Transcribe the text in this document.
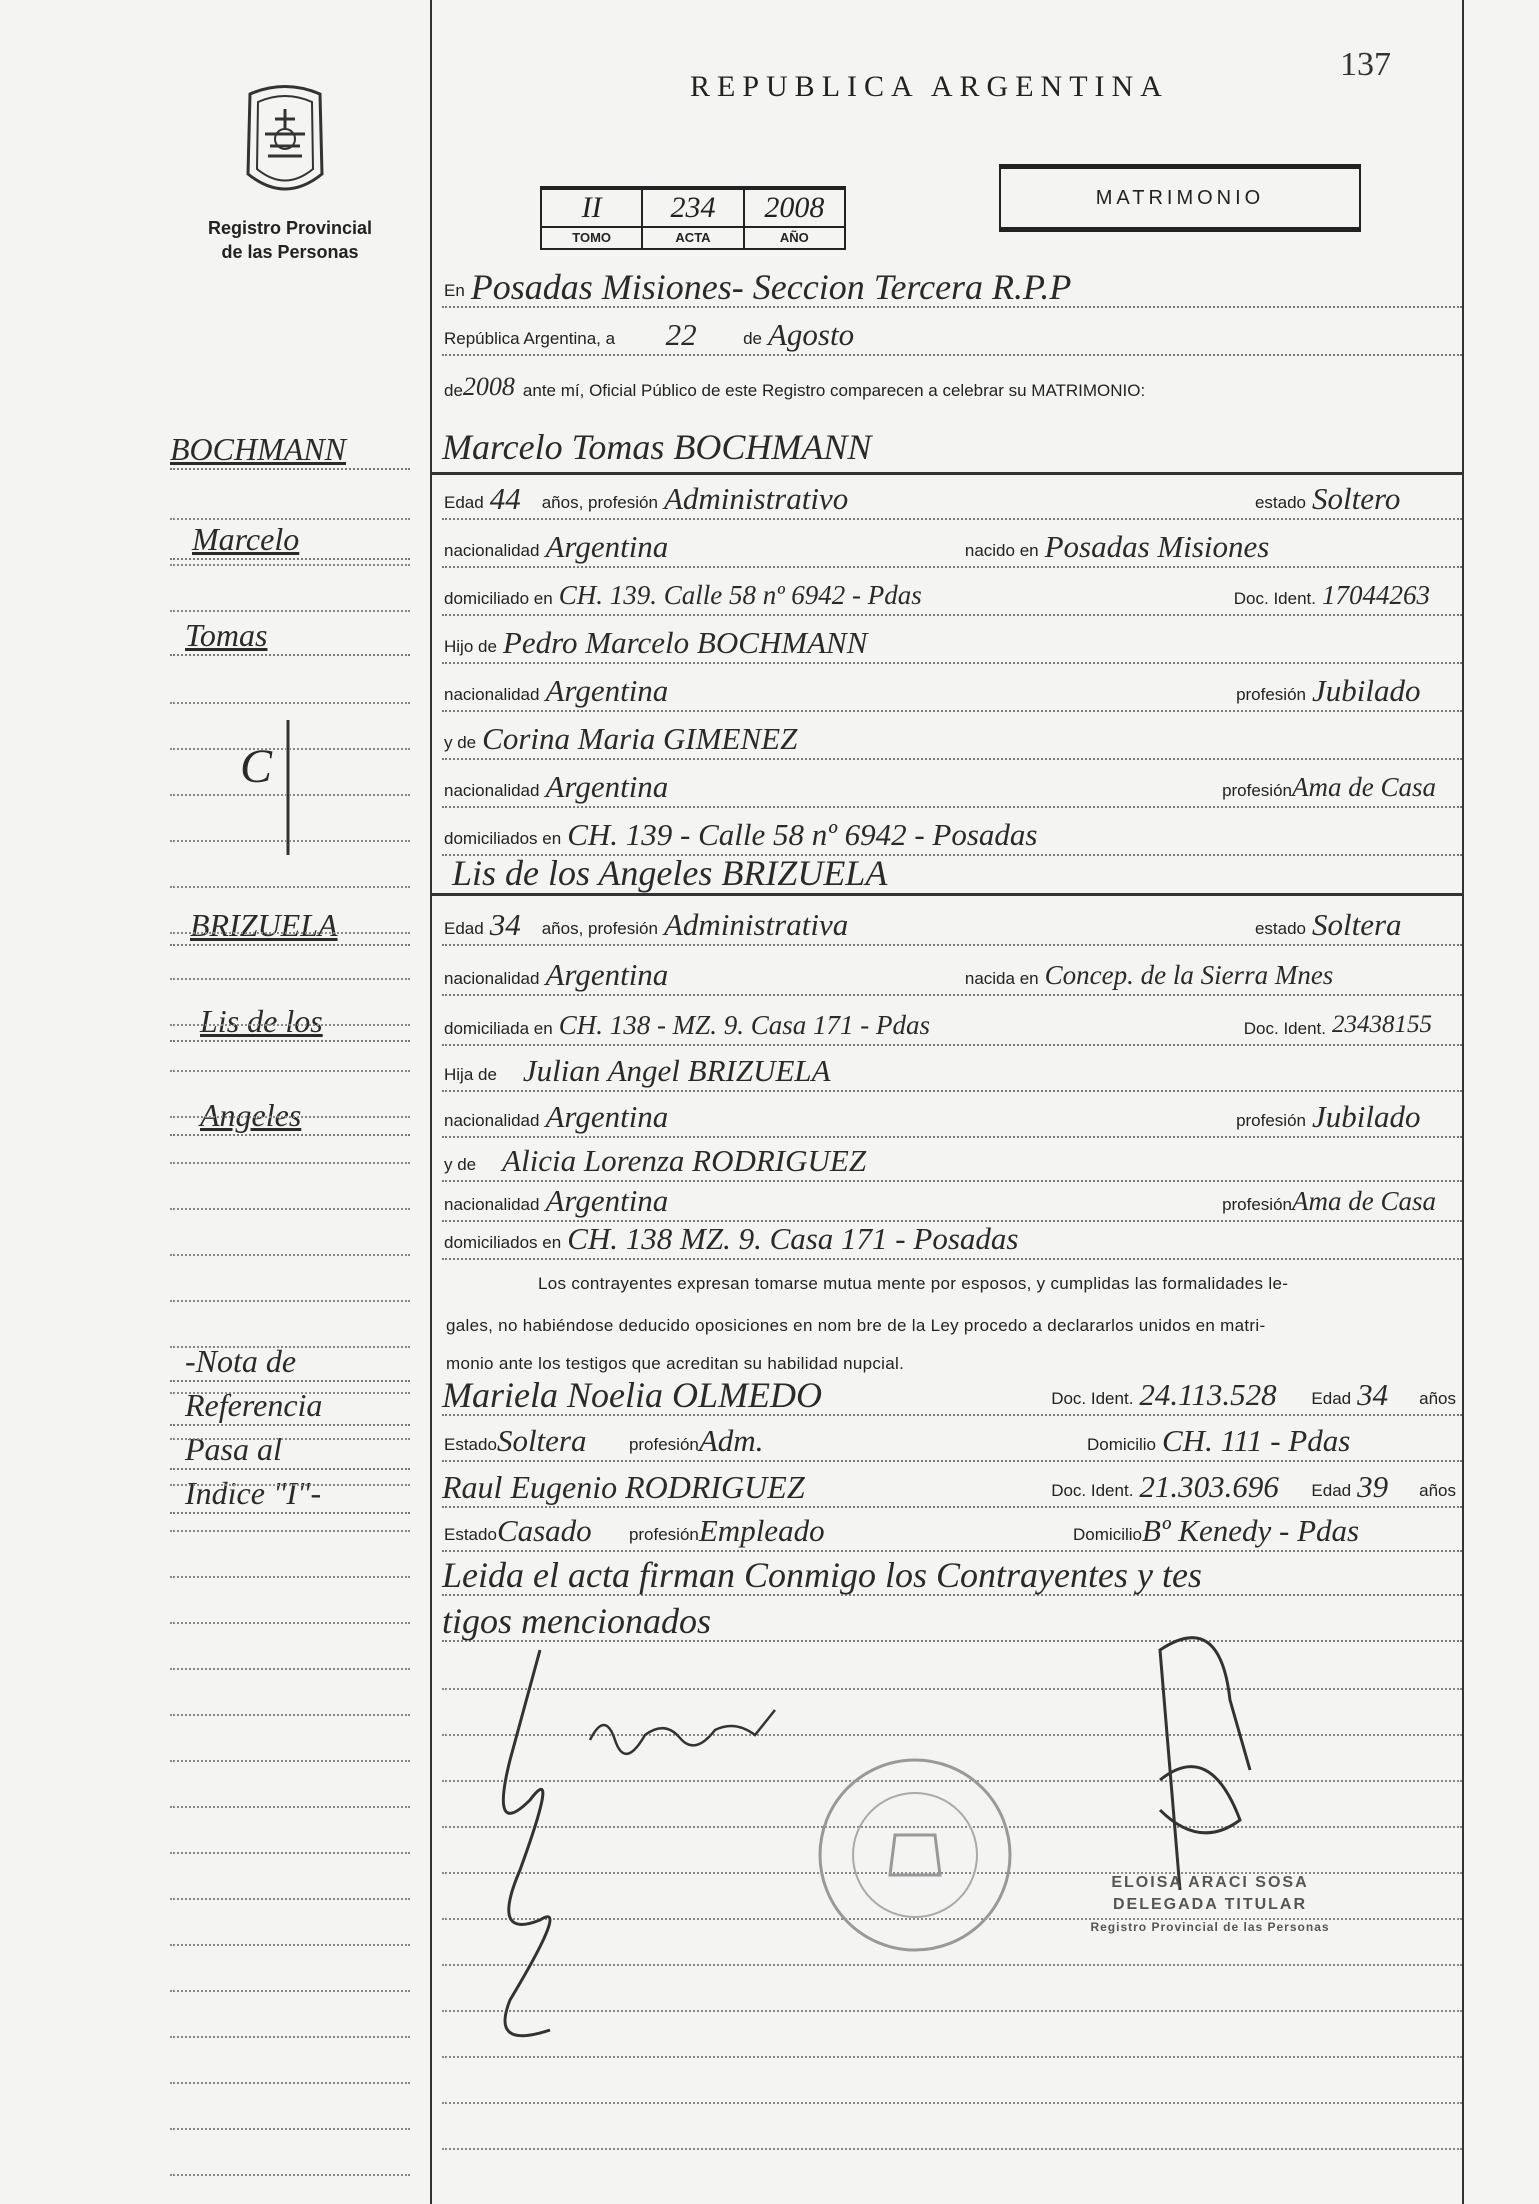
Registro Provincial
de las Personas
REPUBLICA ARGENTINA
137
II
TOMO
234
ACTA
2008
AÑO
MATRIMONIO
En Posadas Misiones- Seccion Tercera R.P.P
República Argentina, a	22	de Agosto
de 2008 ante mí, Oficial Público de este Registro comparecen a celebrar su MATRIMONIO:
Marcelo Tomas BOCHMANN
Edad 44	años, profesión Administrativo	estado Soltero
nacionalidad Argentina	nacido en Posadas Misiones
domiciliado en CH. 139. Calle 58 nº 6942 - Pdas	Doc. Ident. 17044263
Hijo de Pedro Marcelo BOCHMANN
nacionalidad Argentina	profesión Jubilado
y de Corina Maria GIMENEZ
nacionalidad Argentina	profesión Ama de Casa
domiciliados en CH. 139 - Calle 58 nº 6942 - Posadas
Lis de los Angeles BRIZUELA
Edad 34	años, profesión Administrativa	estado Soltera
nacionalidad Argentina	nacida en Concep. de la Sierra Mnes
domiciliada en CH. 138 - MZ. 9. Casa 171 - Pdas	Doc. Ident. 23438155
Hija de Julian Angel BRIZUELA
nacionalidad Argentina	profesión Jubilado
y de Alicia Lorenza RODRIGUEZ
nacionalidad Argentina	profesión Ama de Casa
domiciliados en CH. 138 MZ. 9. Casa 171 - Posadas
Los contrayentes expresan tomarse mutua mente por esposos, y cumplidas las formalidades le-
gales, no habiéndose deducido oposiciones en nom bre de la Ley procedo a declararlos unidos en matri-
monio ante los testigos que acreditan su habilidad nupcial.
Mariela Noelia OLMEDO	Doc. Ident. 24.113.528	Edad 34	años
Estado Soltera	profesión Adm.	Domicilio CH. 111 - Pdas
Raul Eugenio RODRIGUEZ	Doc. Ident. 21.303.696	Edad 39	años
Estado Casado	profesión Empleado	Domicilio Bº Kenedy - Pdas
Leida el acta firman Conmigo los Contrayentes y tes
tigos mencionados
BOCHMANN
Marcelo
Tomas
C
BRIZUELA
Lis de los
Angeles
-Nota de
Referencia
Pasa al
Indice "I"-
ELOISA ARACI SOSA
DELEGADA TITULAR
Registro Provincial de las Personas
